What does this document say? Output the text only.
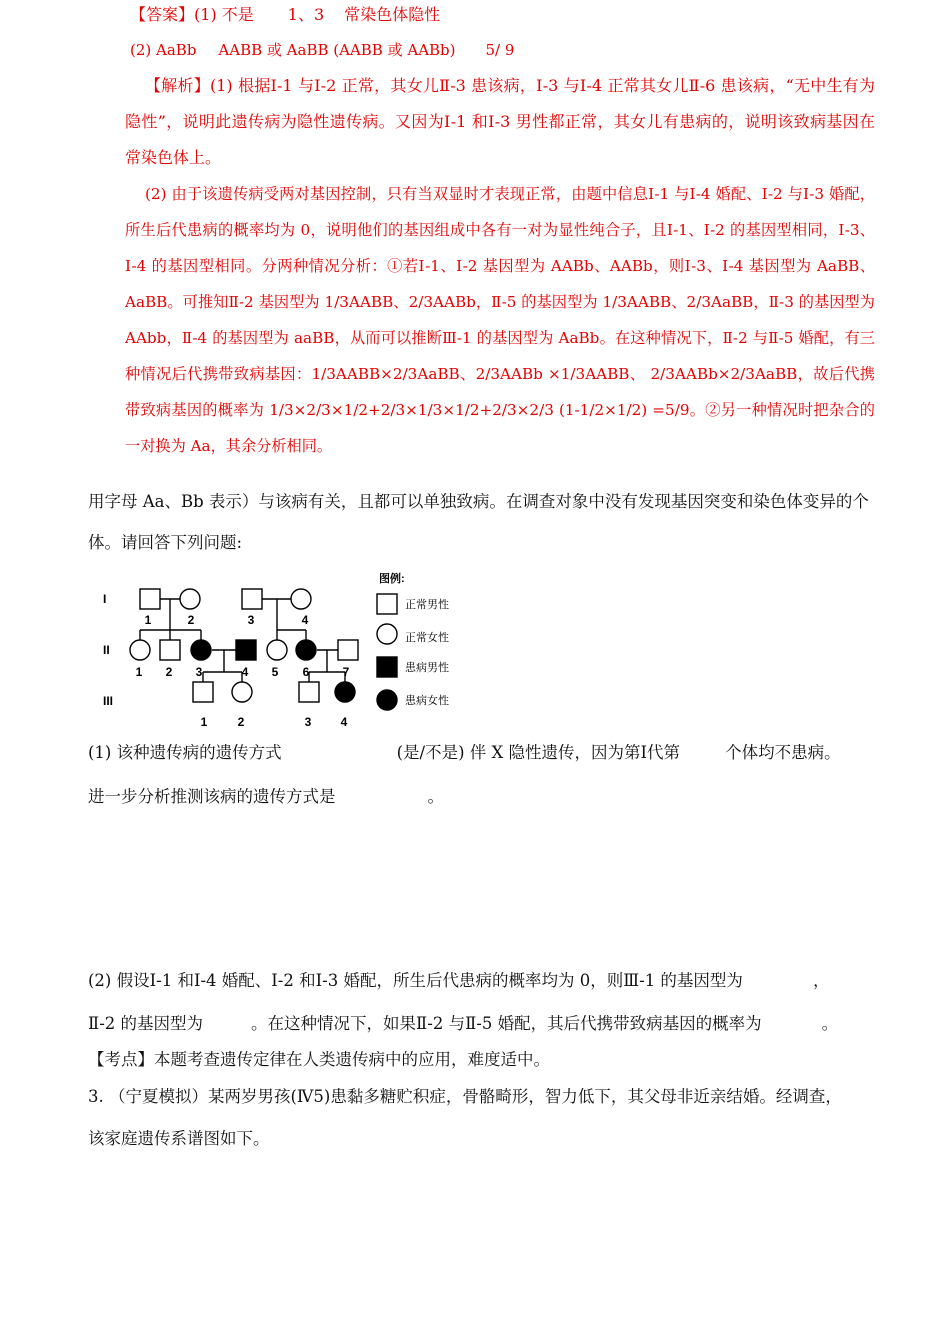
【答案】(1) 不是 1、3 常染色体隐性
(2) AaBb AABB 或 AaBB (AABB 或 AABb) 5/ 9
【解析】(1) 根据Ⅰ-1 与Ⅰ-2 正常，其女儿Ⅱ-3 患该病，Ⅰ-3 与Ⅰ-4 正常其女儿Ⅱ-6 患该病，“无中生有为隐性”，说明此遗传病为隐性遗传病。又因为Ⅰ-1 和Ⅰ-3 男性都正常，其女儿有患病的，说明该致病基因在常染色体上。
(2) 由于该遗传病受两对基因控制，只有当双显时才表现正常，由题中信息Ⅰ-1 与Ⅰ-4 婚配、Ⅰ-2 与Ⅰ-3 婚配，所生后代患病的概率均为 0，说明他们的基因组成中各有一对为显性纯合子，且Ⅰ-1、Ⅰ-2 的基因型相同，Ⅰ-3、Ⅰ-4 的基因型相同。分两种情况分析：①若Ⅰ-1、Ⅰ-2 基因型为 AABb、AABb，则Ⅰ-3、Ⅰ-4 基因型为 AaBB、AaBB。可推知Ⅱ-2 基因型为 1/3AABB、2/3AABb，Ⅱ-5 的基因型为 1/3AABB、2/3AaBB，Ⅱ-3 的基因型为 AAbb，Ⅱ-4 的基因型为 aaBB，从而可以推断Ⅲ-1 的基因型为 AaBb。在这种情况下，Ⅱ-2 与Ⅱ-5 婚配，有三种情况后代携带致病基因：1/3AABB×2/3AaBB、2/3AABb ×1/3AABB、 2/3AABb×2/3AaBB，故后代携带致病基因的概率为 1/3×2/3×1/2+2/3×1/3×1/2+2/3×2/3 (1-1/2×1/2) =5/9。②另一种情况时把杂合的一对换为 Aa，其余分析相同。
用字母 Aa、Bb 表示）与该病有关，且都可以单独致病。在调查对象中没有发现基因突变和染色体变异的个
体。请回答下列问题:
I
II
III
1	2	3	4
1 2 3	4 5 6	7
1	2	3 4
图例:
正常男性
正常女性
患病男性
患病女性
(1) 该种遗传病的遗传方式	(是/不是) 伴 X 隐性遗传，因为第Ⅰ代第	个体均不患病。
进一步分析推测该病的遗传方式是	。
(2) 假设Ⅰ-1 和Ⅰ-4 婚配、Ⅰ-2 和Ⅰ-3 婚配，所生后代患病的概率均为 0，则Ⅲ-1 的基因型为	，
Ⅱ-2 的基因型为	。在这种情况下，如果Ⅱ-2 与Ⅱ-5 婚配，其后代携带致病基因的概率为	。
【考点】本题考查遗传定律在人类遗传病中的应用，难度适中。
3. （宁夏模拟）某两岁男孩(Ⅳ5)患黏多糖贮积症，骨骼畸形，智力低下，其父母非近亲结婚。经调查，
该家庭遗传系谱图如下。
